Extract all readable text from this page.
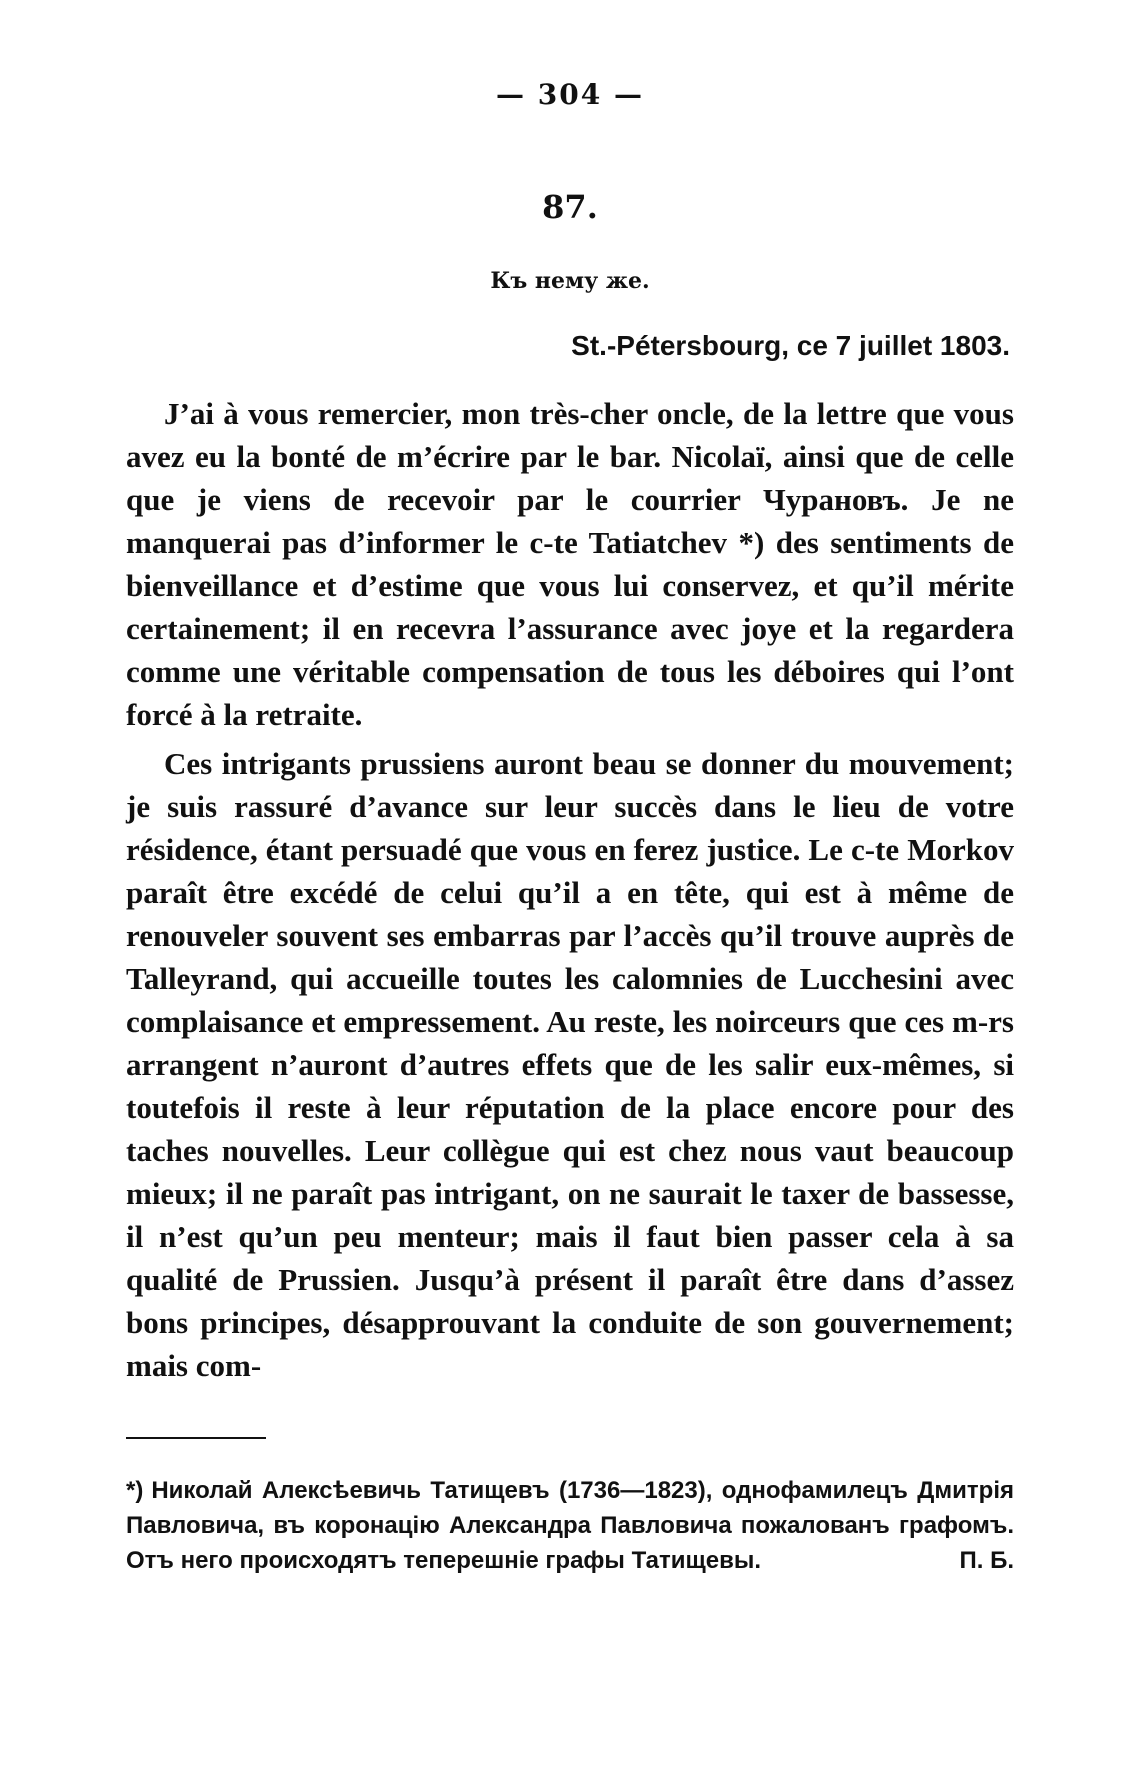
— 304 —
87.
Къ нему же.
St.-Pétersbourg, ce 7 juillet 1803.

J’ai à vous remercier, mon très-cher oncle, de la lettre que vous avez eu la bonté de m’écrire par le bar. Nicolaï, ainsi que de celle que je viens de recevoir par le courrier Чурановъ. Je ne manquerai pas d’informer le c-te Tatiatchev *) des sentiments de bienveillance et d’estime que vous lui conservez, et qu’il mérite certainement; il en recevra l’assurance avec joye et la regardera comme une véritable compensation de tous les déboires qui l’ont forcé à la retraite.

Ces intrigants prussiens auront beau se donner du mouvement; je suis rassuré d’avance sur leur succès dans le lieu de votre résidence, étant persuadé que vous en ferez justice. Le c-te Morkov paraît être excédé de celui qu’il a en tête, qui est à même de renouveler souvent ses embarras par l’accès qu’il trouve auprès de Talleyrand, qui accueille toutes les calomnies de Lucchesini avec complaisance et empressement. Au reste, les noirceurs que ces m-rs arrangent n’auront d’autres effets que de les salir eux-mêmes, si toutefois il reste à leur réputation de la place encore pour des taches nouvelles. Leur collègue qui est chez nous vaut beaucoup mieux; il ne paraît pas intrigant, on ne saurait le taxer de bassesse, il n’est qu’un peu menteur; mais il faut bien passer cela à sa qualité de Prussien. Jusqu’à présent il paraît être dans d’assez bons principes, désapprouvant la conduite de son gouvernement; mais com-

*) Николай Алексѣевичь Татищевъ (1736—1823), однофамилецъ Дмитрія Павловича, въ коронацію Александра Павловича пожалованъ графомъ. Отъ него происходятъ теперешніе графы Татищевы.	П. Б.
